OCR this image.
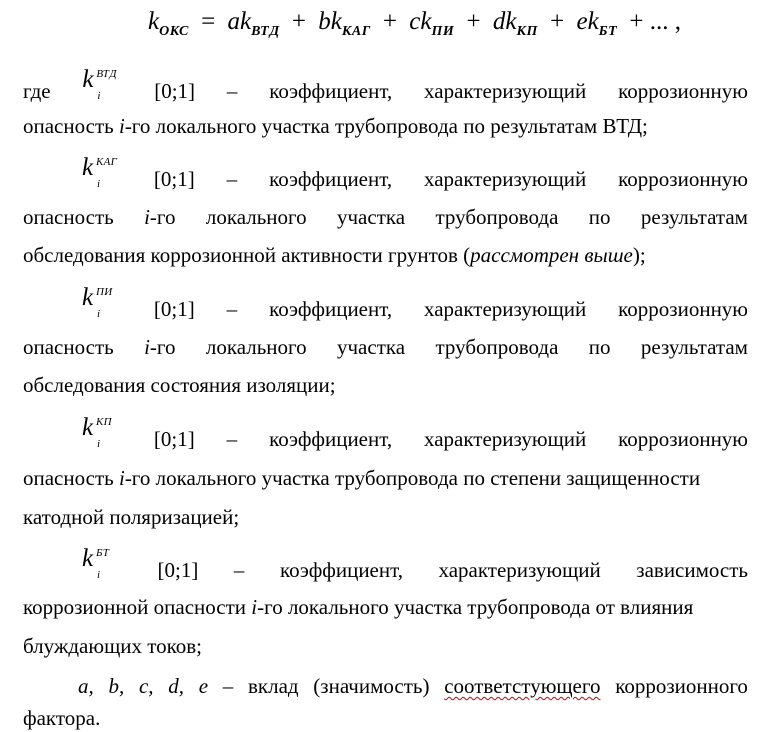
$k_{ОКС} = ak_{ВТД} + bk_{КАГ} + ck_{ПИ} + dk_{КП} + ek_{БТ}$ + ... ,
где k ВТД
i	[0;1] – коэффициент, характеризующий коррозионную
опасность i-го локального участка трубопровода по результатам ВТД;
k КАГ
i	[0;1] – коэффициент, характеризующий коррозионную
опасность i-го локального участка трубопровода по результатам
обследования коррозионной активности грунтов (рассмотрен выше);
k ПИ
i	[0;1] – коэффициент, характеризующий коррозионную
опасность i-го локального участка трубопровода по результатам
обследования состояния изоляции;
k КП
i	[0;1] – коэффициент, характеризующий коррозионную
опасность i-го локального участка трубопровода по степени защищенности
катодной поляризацией;
k БТ
i	[0;1] – коэффициент, характеризующий зависимость
коррозионной опасности i-го локального участка трубопровода от влияния
блуждающих токов;
a, b, c, d, e – вклад (значимость) соответстующего коррозионного
фактора.
